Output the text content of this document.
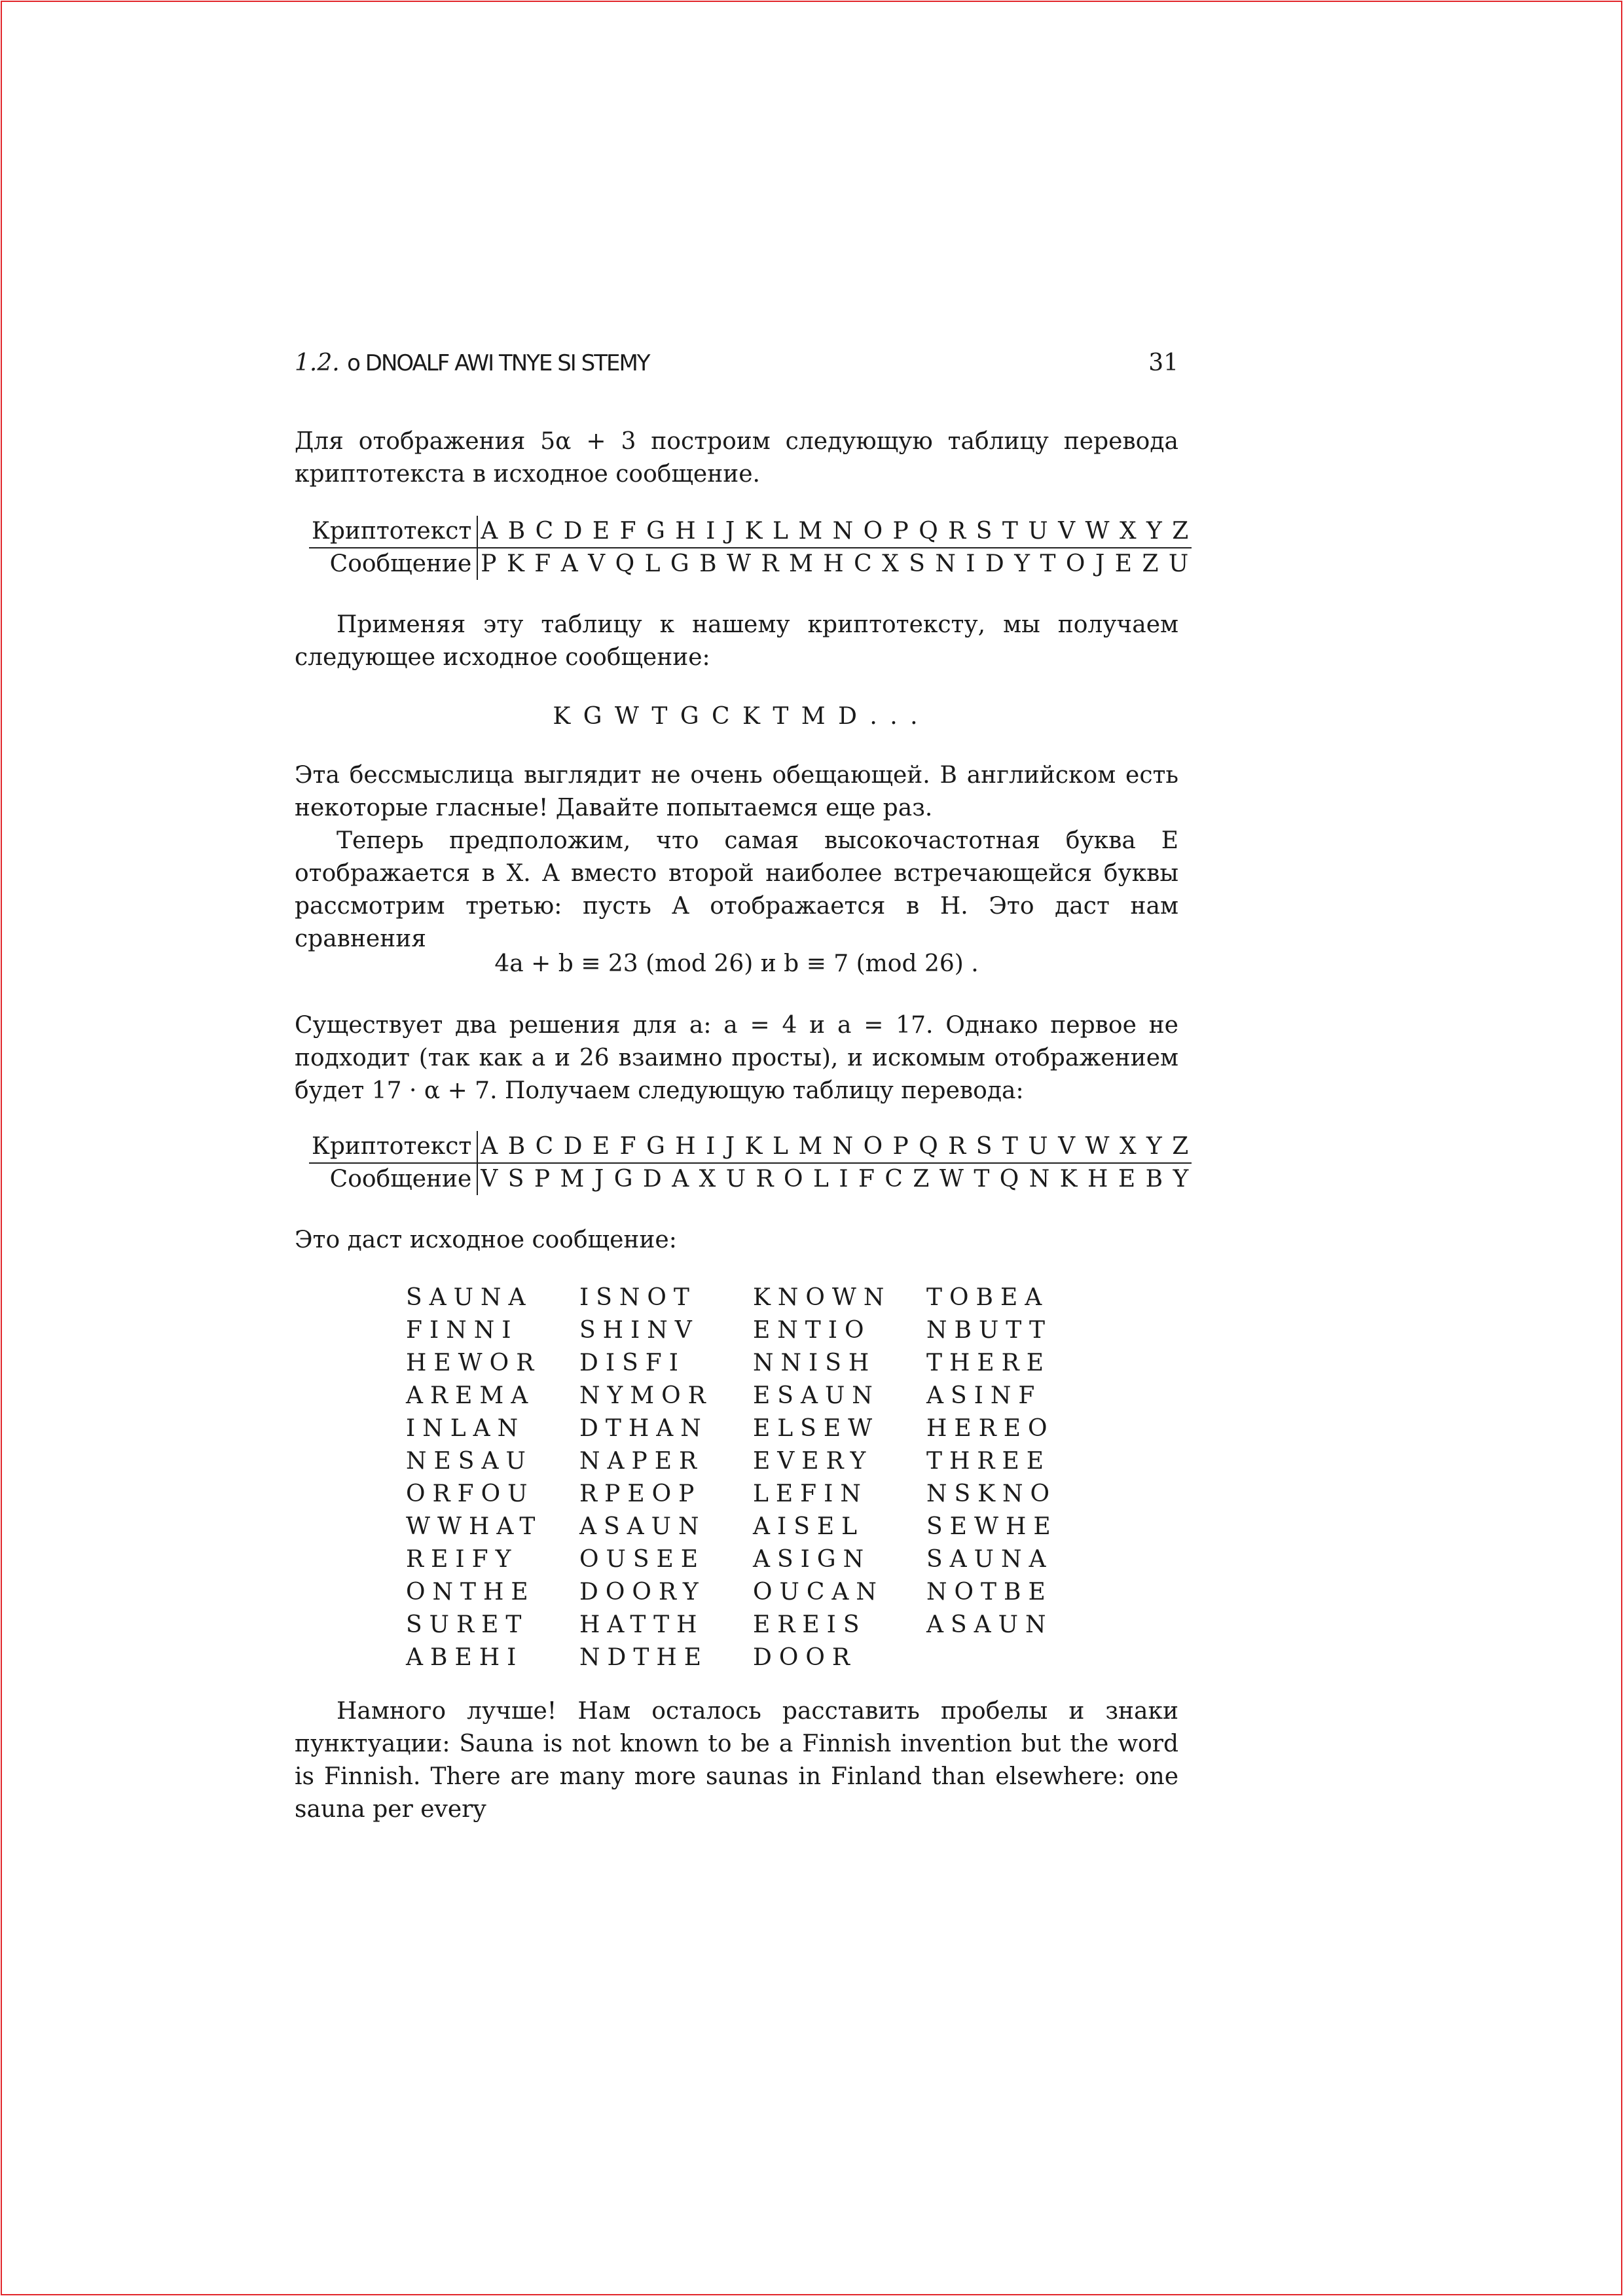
1.2. o DNOALF AWI TNYE SI STEMY	31
Для отображения 5α + 3 построим следующую таблицу перевода криптотекста в исходное сообщение.
Криптотекст	A B C D E F G H I J K L M N O P Q R S T U V W X Y Z
Сообщение	P K F A V Q L G B W R M H C X S N I D Y T O J E Z U
Применяя эту таблицу к нашему криптотексту, мы получаем следующее исходное сообщение:
K G W T G C K T M D . . .
Эта бессмыслица выглядит не очень обещающей. В английском есть некоторые гласные! Давайте попытаемся еще раз.
Теперь предположим, что самая высокочастотная буква E отображается в X. A вместо второй наиболее встречающейся буквы рассмотрим третью: пусть A отображается в H. Это даст нам сравнения
4a + b ≡ 23 (mod 26) и b ≡ 7 (mod 26) .
Существует два решения для a: a = 4 и a = 17. Однако первое не подходит (так как a и 26 взаимно просты), и искомым отображением будет 17 · α + 7. Получаем следующую таблицу перевода:
Криптотекст	A B C D E F G H I J K L M N O P Q R S T U V W X Y Z
Сообщение	V S P M J G D A X U R O L I F C Z W T Q N K H E B Y
Это даст исходное сообщение:
SAUNA	ISNOT	KNOWN	TOBEA
FINNI	SHINV	ENTIO	NBUTT
HEWOR	DISFI	NNISH	THERE
AREMA	NYMOR	ESAUN	ASINF
INLAN	DTHAN	ELSEW	HEREO
NESAU	NAPER	EVERY	THREE
ORFOU	RPEOP	LEFIN	NSKNO
WWHAT	ASAUN	AISEL	SEWHE
REIFY	OUSEE	ASIGN	SAUNA
ONTHE	DOORY	OUCAN	NOTBE
SURET	HATTH	EREIS	ASAUN
ABEHI	NDTHE	DOOR	
Намного лучше! Нам осталось расставить пробелы и знаки пунктуации: Sauna is not known to be a Finnish invention but the word is Finnish. There are many more saunas in Finland than elsewhere: one sauna per every
